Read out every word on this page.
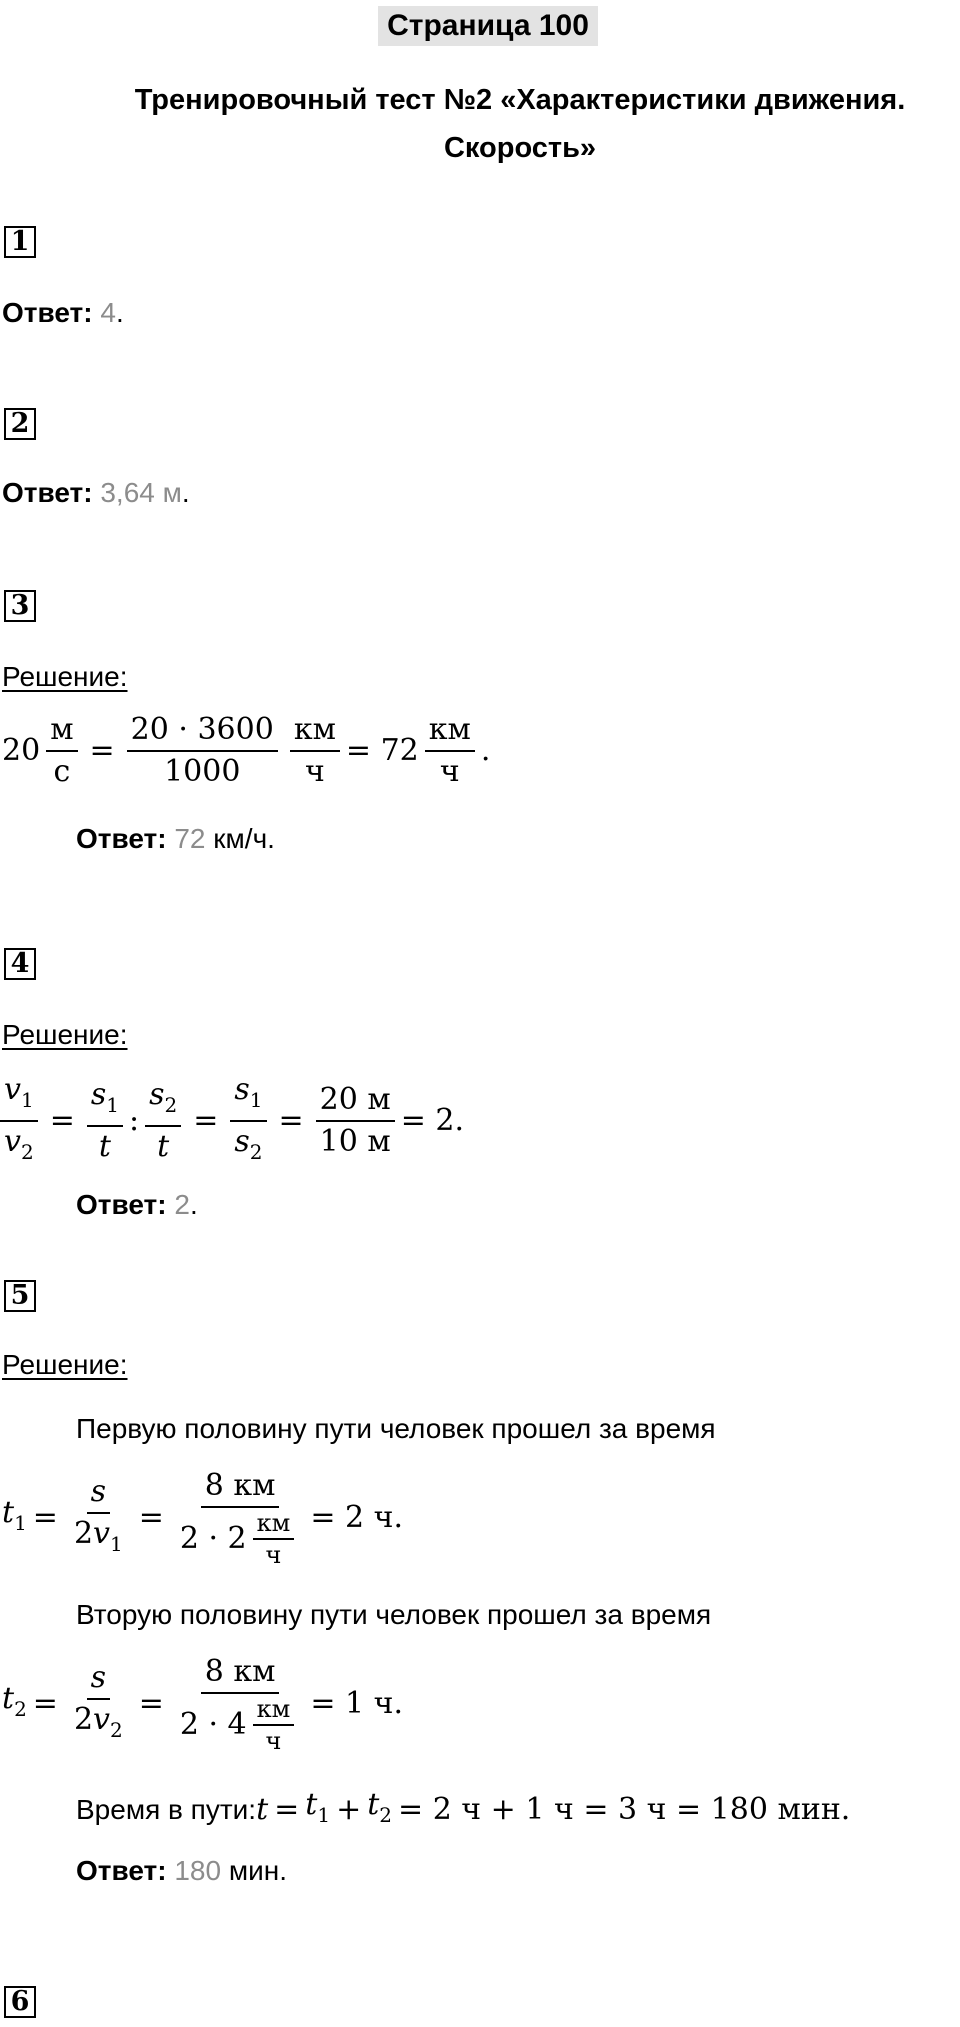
Страница 100
Тренировочный тест №2 «Характеристики движения.
Скорость»
1
Ответ: 4.
2
Ответ: 3,64 м.
3
Решение:
$20 \frac{м}{с} = \frac{20 \cdot 3600}{1000} \frac{км}{ч} = 72 \frac{км}{ч}$ .
Ответ: 72 км/ч.
4
Решение:
$\frac{v_1}{v_2} = \frac{s_1}{t}$ : $\frac{s_2}{t} = \frac{s_1}{s_2} = \frac{20 м}{10 м} = 2$.
Ответ: 2.
5
Решение:
Первую половину пути человек прошел за время
$t_1 = \frac{s}{2v_1} = \frac{8 км}{2 \cdot 2 \frac{км}{ч}} = 2$ ч.
Вторую половину пути человек прошел за время
$t_2 = \frac{s}{2v_2} = \frac{8 км}{2 \cdot 4 \frac{км}{ч}} = 1$ ч.
Время в пути: $t = t_1 + t_2 = 2$ ч + 1 ч = 3 ч = 180 мин.
Ответ: 180 мин.
6
